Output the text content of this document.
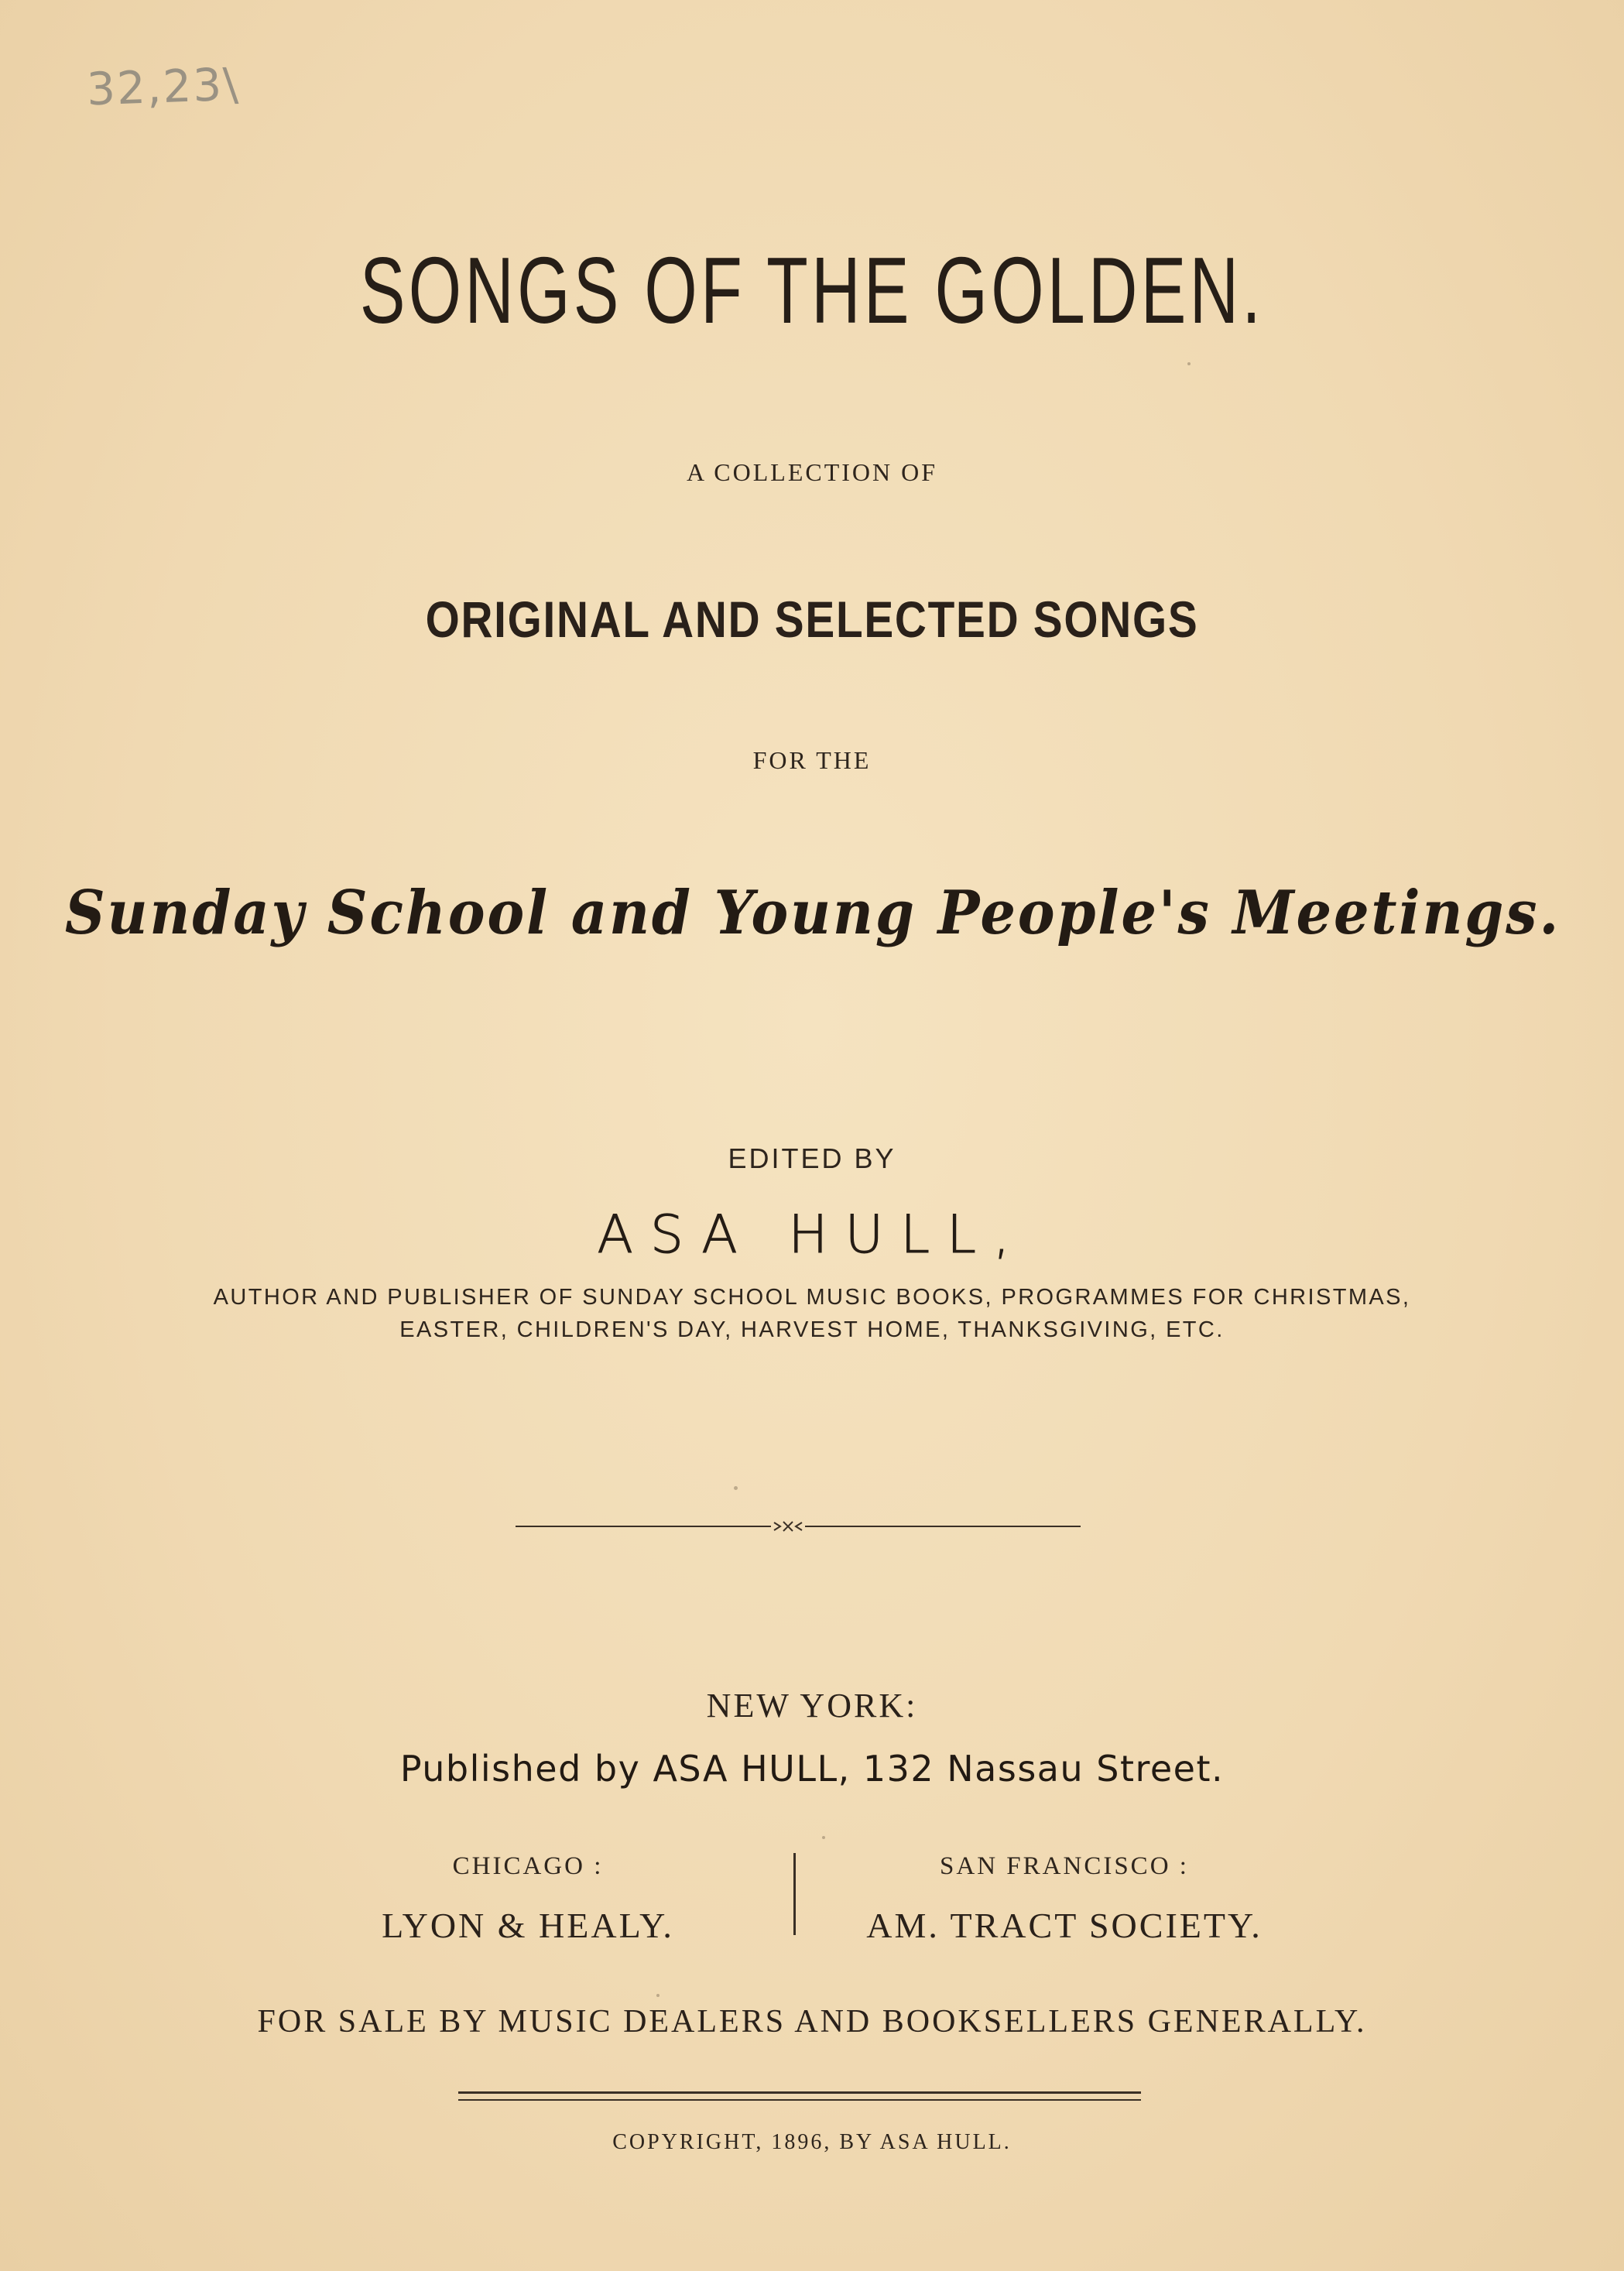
32,23\
SONGS OF THE GOLDEN.
A COLLECTION OF
ORIGINAL AND SELECTED SONGS
FOR THE
Sunday School and Young People's Meetings.
EDITED BY
ASA HULL,
AUTHOR AND PUBLISHER OF SUNDAY SCHOOL MUSIC BOOKS, PROGRAMMES FOR CHRISTMAS,
EASTER, CHILDREN'S DAY, HARVEST HOME, THANKSGIVING, ETC.
NEW YORK:
Published by ASA HULL, 132 Nassau Street.
CHICAGO :
LYON & HEALY.
SAN FRANCISCO :
AM. TRACT SOCIETY.
FOR SALE BY MUSIC DEALERS AND BOOKSELLERS GENERALLY.
COPYRIGHT, 1896, BY ASA HULL.
